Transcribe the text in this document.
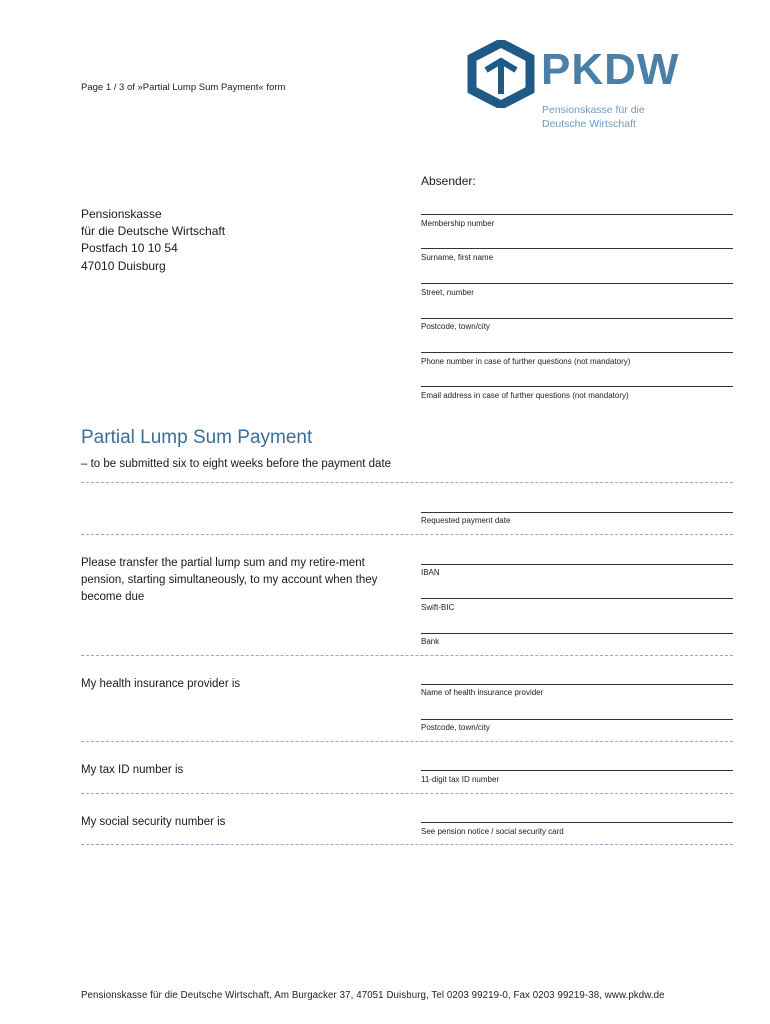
Page 1 / 3 of »Partial Lump Sum Payment« form	PKDW
Pensionskasse für die
Deutsche Wirtschaft
Pensionskasse
für die Deutsche Wirtschaft
Postfach 10 10 54
47010 Duisburg
Absender:
Membership number
Surname, first name
Street, number
Postcode, town/city
Phone number in case of further questions (not mandatory)
Email address in case of further questions (not mandatory)
Partial Lump Sum Payment
– to be submitted six to eight weeks before the payment date
Requested payment date
Please transfer the partial lump sum and my retire-ment pension, starting simultaneously, to my account when they become due
IBAN
Swift-BIC
Bank
My health insurance provider is
Name of health insurance provider
Postcode, town/city
My tax ID number is
11-digit tax ID number
My social security number is
See pension notice / social security card
Pensionskasse für die Deutsche Wirtschaft, Am Burgacker 37, 47051 Duisburg, Tel 0203 99219-0, Fax 0203 99219-38, www.pkdw.de
